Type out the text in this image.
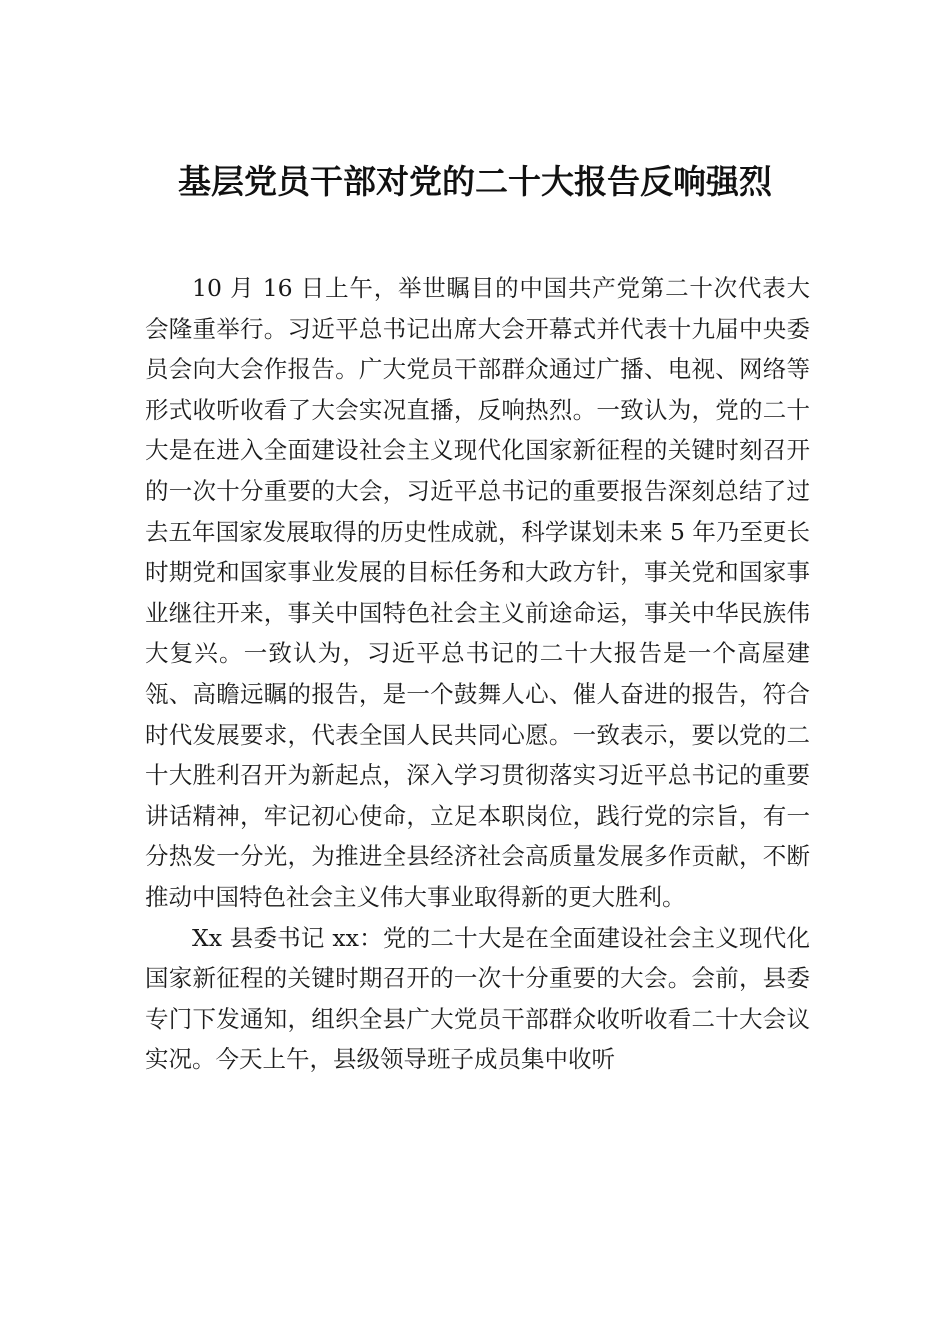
基层党员干部对党的二十大报告反响强烈

10 月 16 日上午，举世瞩目的中国共产党第二十次代表大会隆重举行。习近平总书记出席大会开幕式并代表十九届中央委员会向大会作报告。广大党员干部群众通过广播、电视、网络等形式收听收看了大会实况直播，反响热烈。一致认为，党的二十大是在进入全面建设社会主义现代化国家新征程的关键时刻召开的一次十分重要的大会，习近平总书记的重要报告深刻总结了过去五年国家发展取得的历史性成就，科学谋划未来 5 年乃至更长时期党和国家事业发展的目标任务和大政方针，事关党和国家事业继往开来，事关中国特色社会主义前途命运，事关中华民族伟大复兴。一致认为，习近平总书记的二十大报告是一个高屋建瓴、高瞻远瞩的报告，是一个鼓舞人心、催人奋进的报告，符合时代发展要求，代表全国人民共同心愿。一致表示，要以党的二十大胜利召开为新起点，深入学习贯彻落实习近平总书记的重要讲话精神，牢记初心使命，立足本职岗位，践行党的宗旨，有一分热发一分光，为推进全县经济社会高质量发展多作贡献，不断推动中国特色社会主义伟大事业取得新的更大胜利。

Xx 县委书记 xx：党的二十大是在全面建设社会主义现代化国家新征程的关键时期召开的一次十分重要的大会。会前，县委专门下发通知，组织全县广大党员干部群众收听收看二十大会议实况。今天上午，县级领导班子成员集中收听
